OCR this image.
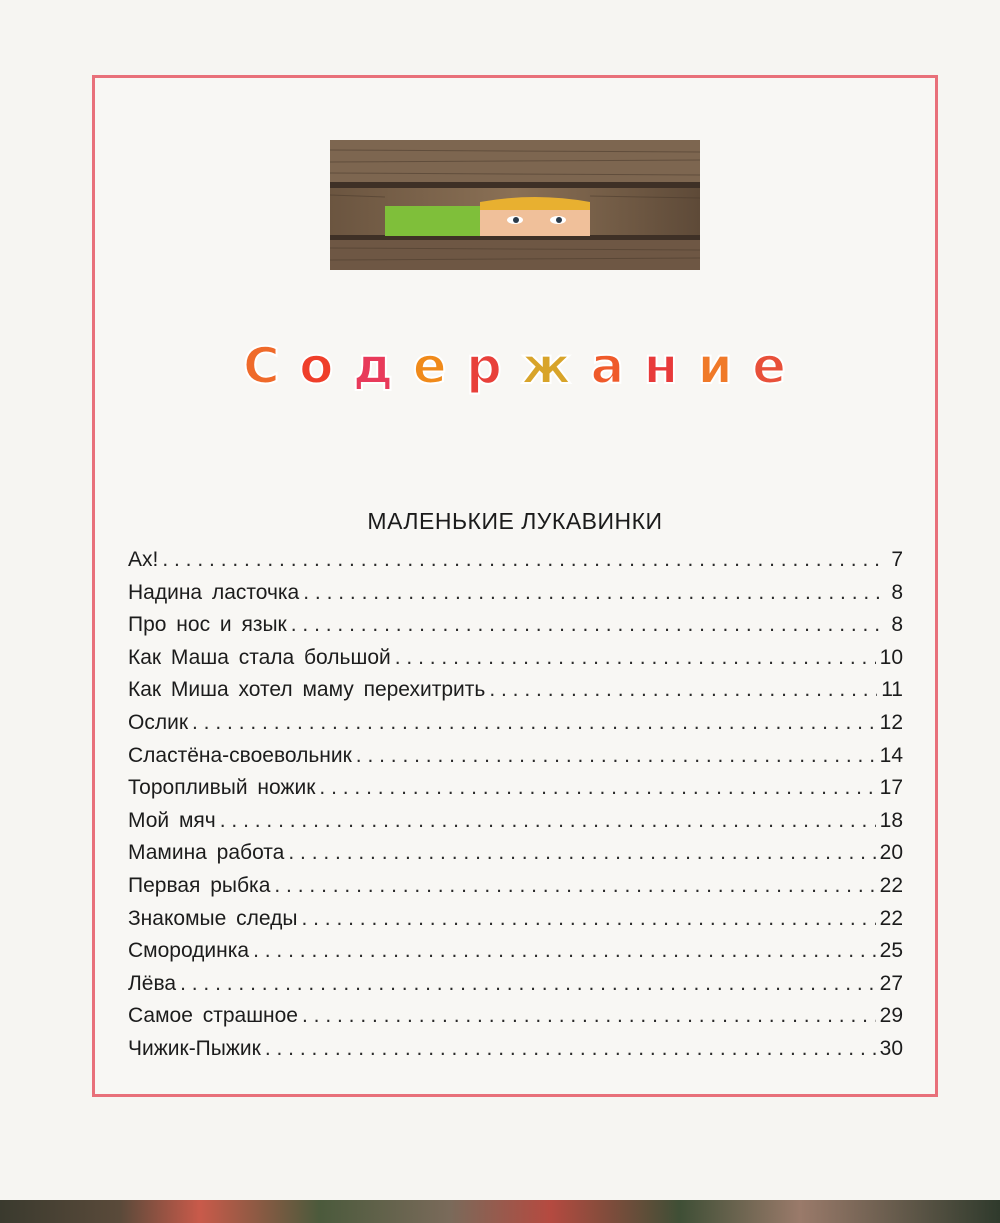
С о д е р ж а н и е
МАЛЕНЬКИЕ ЛУКАВИНКИ
Ах! . . .	7
Надина ласточка . . .	8
Про нос и язык . . .	8
Как Маша стала большой . . .	10
Как Миша хотел маму перехитрить . . .	11
Ослик . . .	12
Сластёна-своевольник . . .	14
Торопливый ножик . . .	17
Мой мяч . . .	18
Мамина работа . . .	20
Первая рыбка . . .	22
Знакомые следы . . .	22
Смородинка . . .	25
Лёва . . .	27
Самое страшное . . .	29
Чижик-Пыжик . . .	30
